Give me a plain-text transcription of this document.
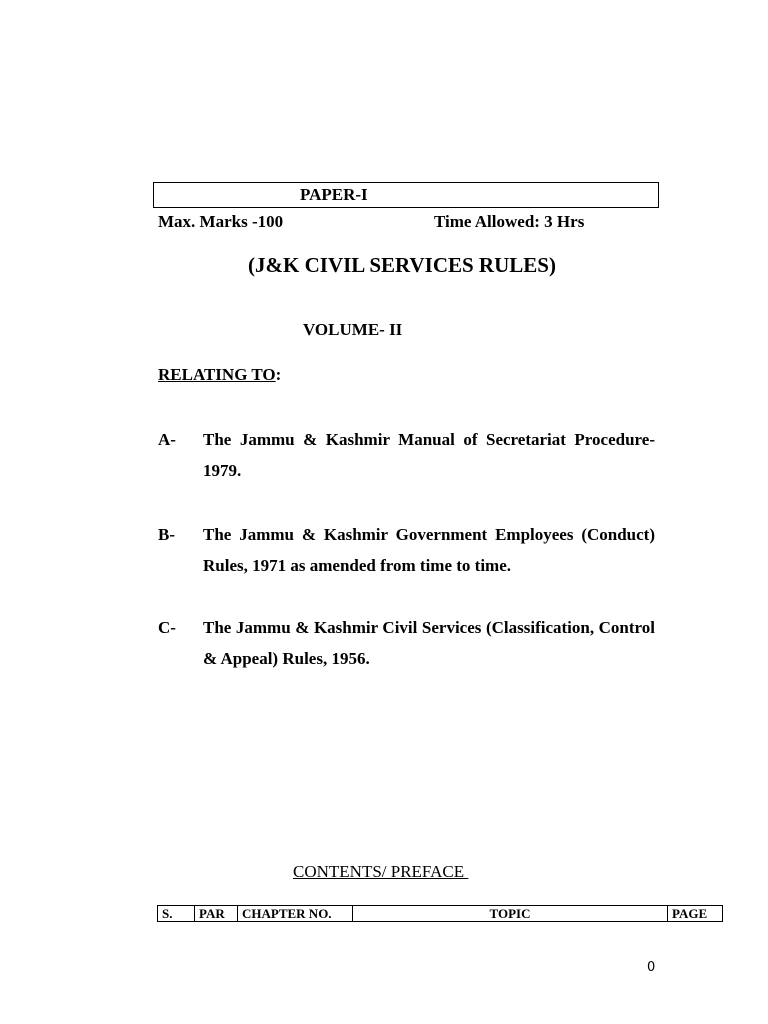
PAPER-I
Max. Marks -100	Time Allowed: 3 Hrs
(J&K CIVIL SERVICES RULES)
VOLUME- II
RELATING TO:
A- The Jammu & Kashmir Manual of Secretariat Procedure-1979.
B- The Jammu & Kashmir Government Employees (Conduct) Rules, 1971 as amended from time to time.
C- The Jammu & Kashmir Civil Services (Classification, Control & Appeal) Rules, 1956.
CONTENTS/ PREFACE
S.	PAR	CHAPTER NO.	TOPIC	PAGE
0
